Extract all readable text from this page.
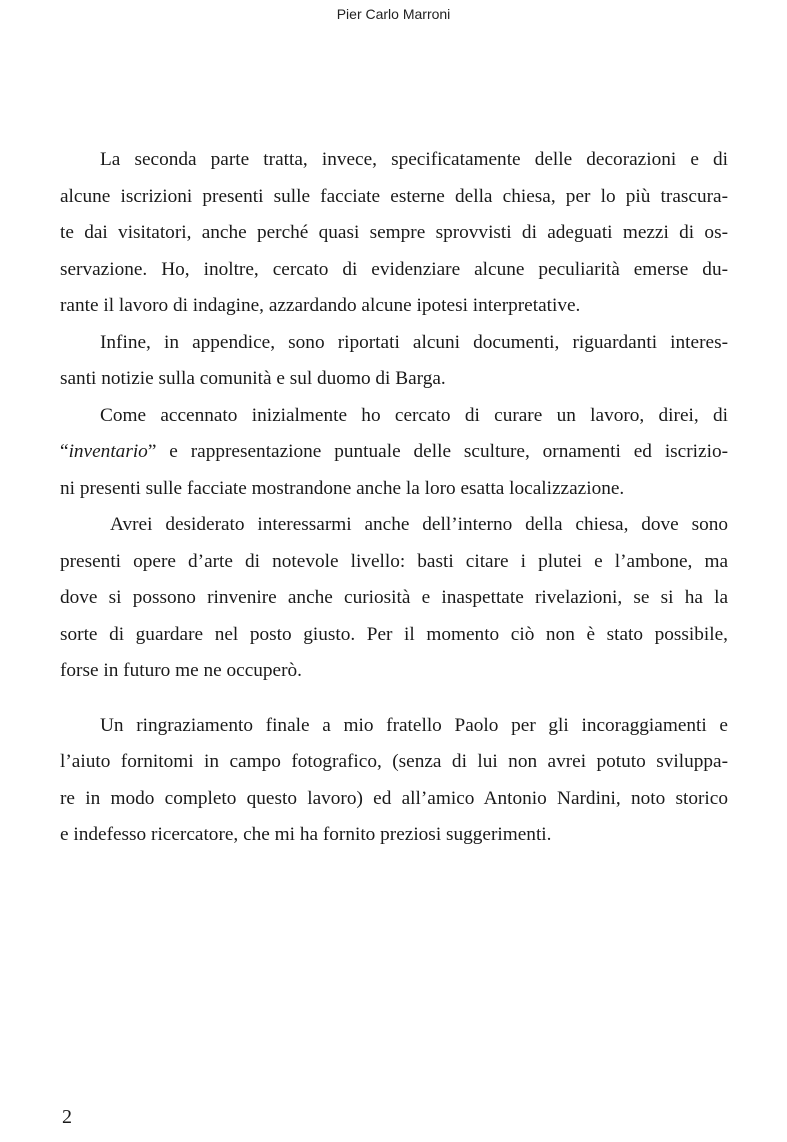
Pier Carlo Marroni
La seconda parte tratta, invece, specificatamente delle decorazioni e di
alcune iscrizioni presenti sulle facciate esterne della chiesa, per lo più trascura-
te dai visitatori, anche perché quasi sempre sprovvisti di adeguati mezzi di os-
servazione. Ho, inoltre, cercato di evidenziare alcune peculiarità emerse du-
rante il lavoro di indagine, azzardando alcune ipotesi interpretative.
Infine, in appendice, sono riportati alcuni documenti, riguardanti interes-
santi notizie sulla comunità e sul duomo di Barga.
Come accennato inizialmente ho cercato di curare un lavoro, direi, di
“inventario” e rappresentazione puntuale delle sculture, ornamenti ed iscrizio-
ni presenti sulle facciate mostrandone anche la loro esatta localizzazione.
Avrei desiderato interessarmi anche dell’interno della chiesa, dove sono
presenti opere d’arte di notevole livello: basti citare i plutei e l’ambone, ma
dove si possono rinvenire anche curiosità e inaspettate rivelazioni, se si ha la
sorte di guardare nel posto giusto. Per il momento ciò non è stato possibile,
forse in futuro me ne occuperò.
Un ringraziamento finale a mio fratello Paolo per gli incoraggiamenti e
l’aiuto fornitomi in campo fotografico, (senza di lui non avrei potuto sviluppa-
re in modo completo questo lavoro) ed all’amico Antonio Nardini, noto storico
e indefesso ricercatore, che mi ha fornito preziosi suggerimenti.
2
